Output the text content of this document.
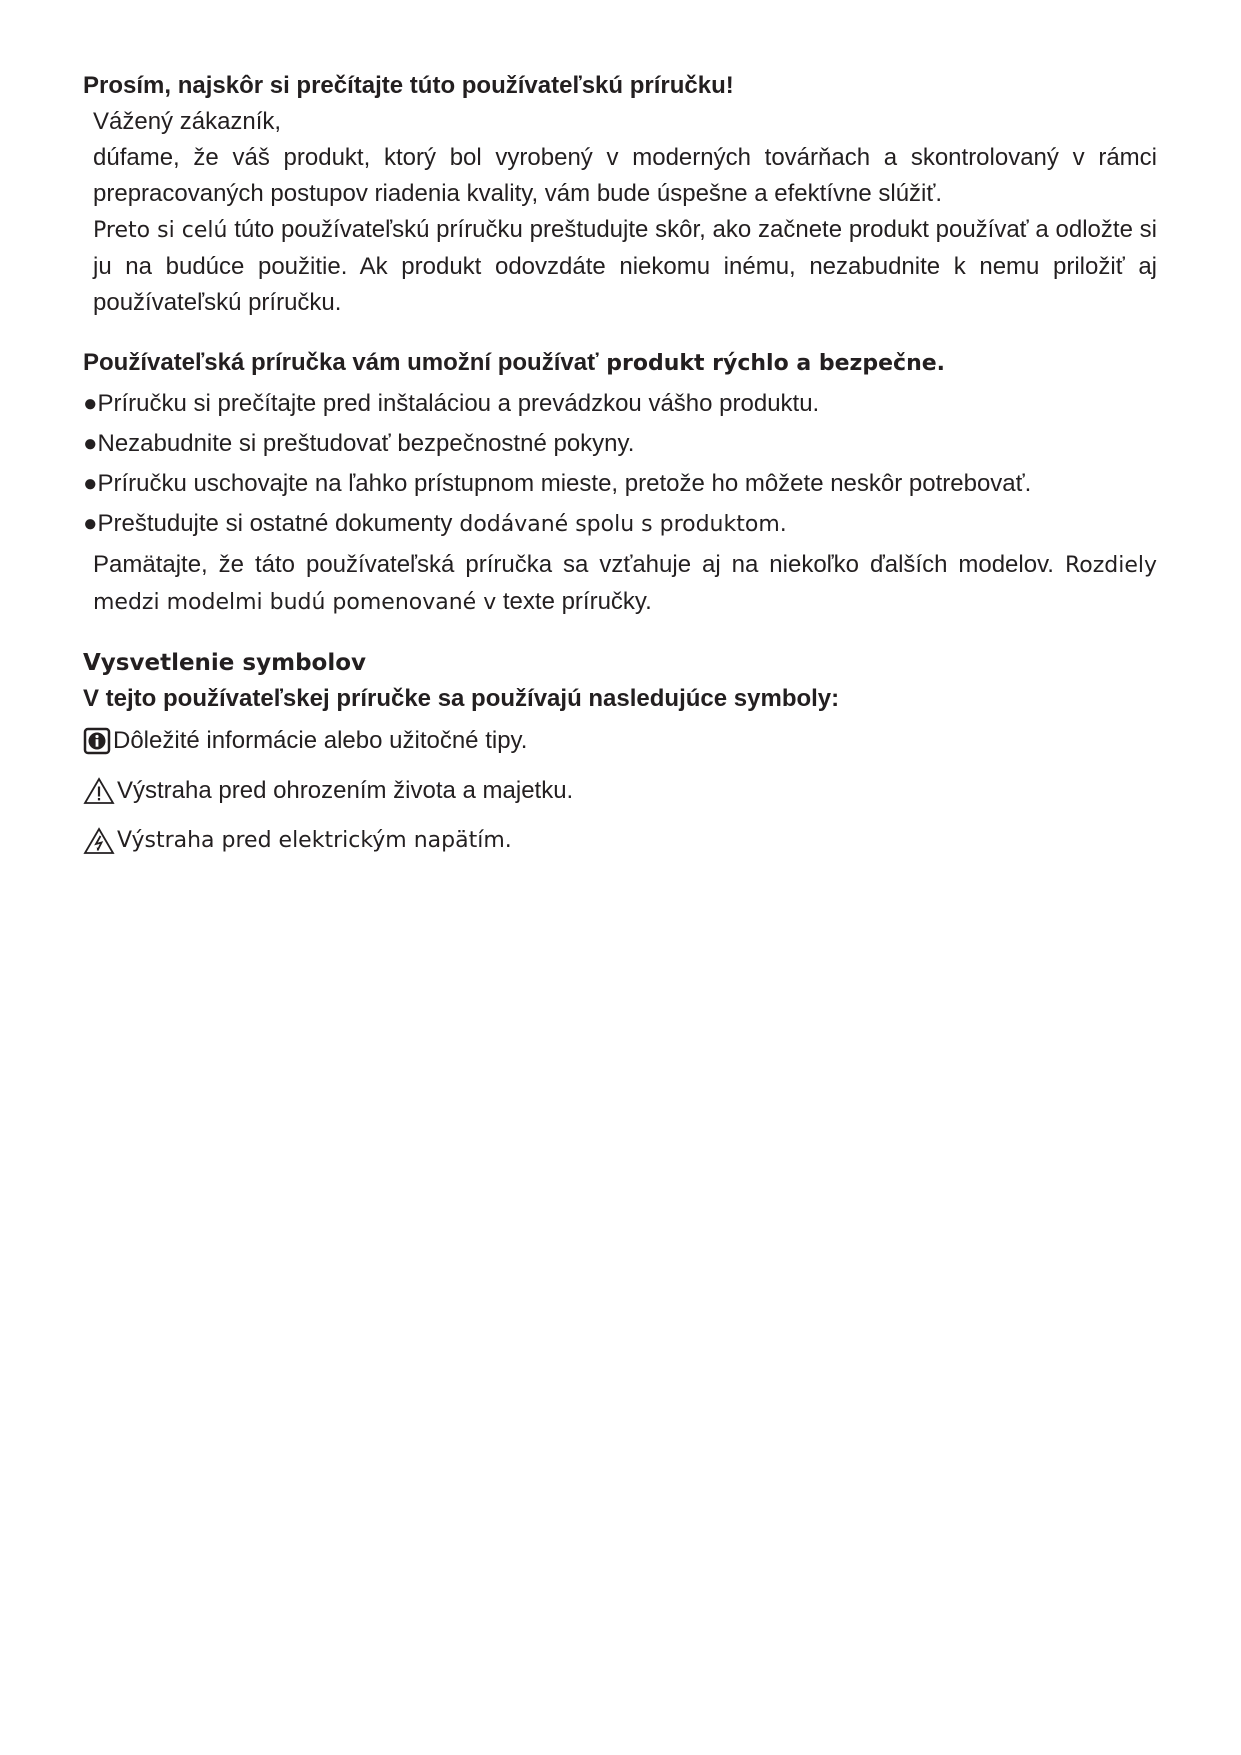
Prosím, najskôr si prečítajte túto používateľskú príručku!

Vážený zákazník,

dúfame, že váš produkt, ktorý bol vyrobený v moderných továrňach a skontrolovaný v rámci prepracovaných postupov riadenia kvality, vám bude úspešne a efektívne slúžiť.

Preto si celú túto používateľskú príručku preštudujte skôr, ako začnete produkt používať a odložte si ju na budúce použitie. Ak produkt odovzdáte niekomu inému, nezabudnite k nemu priložiť aj používateľskú príručku.

Používateľská príručka vám umožní používať produkt rýchlo a bezpečne.

●Príručku si prečítajte pred inštaláciou a prevádzkou vášho produktu.

●Nezabudnite si preštudovať bezpečnostné pokyny.

●Príručku uschovajte na ľahko prístupnom mieste, pretože ho môžete neskôr potrebovať.

●Preštudujte si ostatné dokumenty dodávané spolu s produktom.

Pamätajte, že táto používateľská príručka sa vzťahuje aj na niekoľko ďalších modelov. Rozdiely medzi modelmi budú pomenované v texte príručky.

Vysvetlenie symbolov

V tejto používateľskej príručke sa používajú nasledujúce symboly:

Dôležité informácie alebo užitočné tipy.

Výstraha pred ohrozením života a majetku.

Výstraha pred elektrickým napätím.
